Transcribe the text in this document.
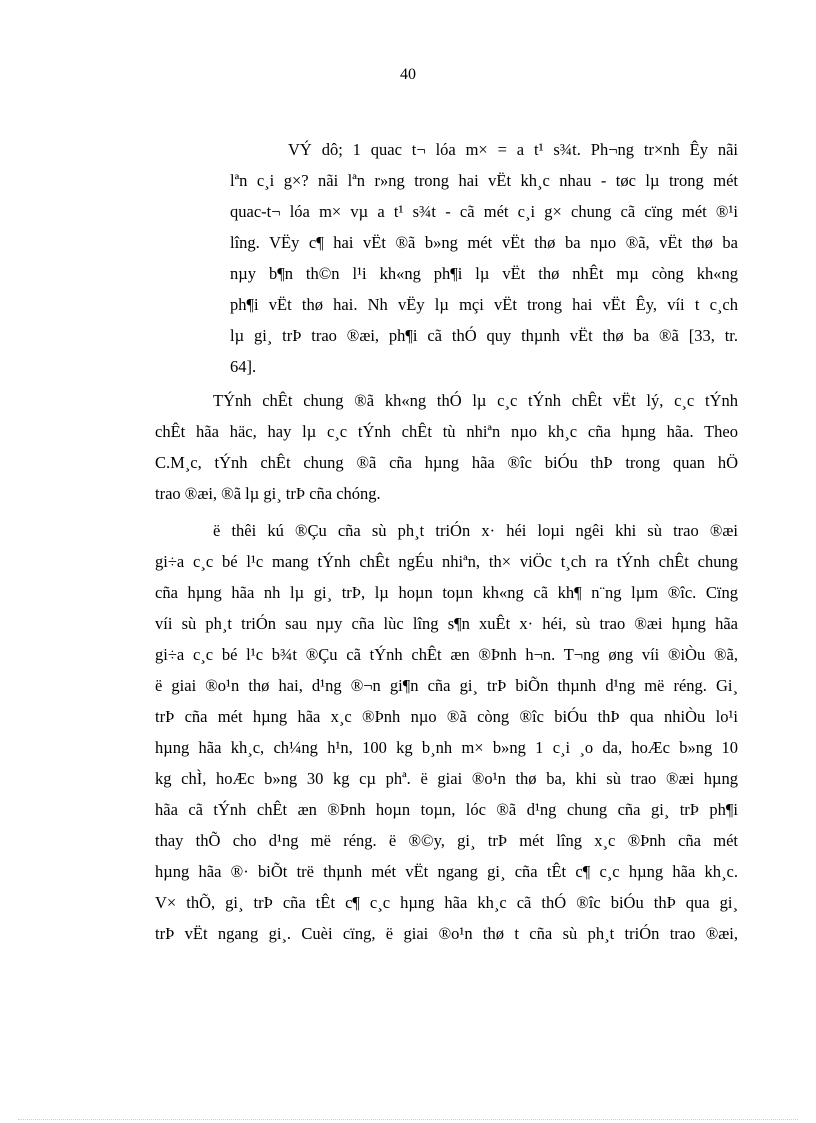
40
VÝ dô; 1 quac t¬ lóa m× = a t¹ s¾t. Ph¬ng tr×nh Êy nãi
lªn c¸i g×? nãi lªn r»ng trong hai vËt kh¸c nhau - tøc lµ trong mét
quac-t¬ lóa m× vµ a t¹ s¾t - cã mét c¸i g× chung cã cïng mét ®¹i
lîng. VËy c¶ hai vËt ®ã b»ng mét vËt thø ba nµo ®ã, vËt thø ba
nµy b¶n th©n l¹i kh«ng ph¶i lµ vËt thø nhÊt mµ còng kh«ng
ph¶i vËt thø hai. Nh vËy lµ mçi vËt trong hai vËt Êy, víi t c¸ch
lµ gi¸ trÞ trao ®æi, ph¶i cã thÓ quy thµnh vËt thø ba ®ã [33, tr.
64].
TÝnh chÊt chung ®ã kh«ng thÓ lµ c¸c tÝnh chÊt vËt lý, c¸c tÝnh
chÊt hãa häc, hay lµ c¸c tÝnh chÊt tù nhiªn nµo kh¸c cña hµng hãa. Theo
C.M¸c, tÝnh chÊt chung ®ã cña hµng hãa ®îc biÓu thÞ trong quan hÖ
trao ®æi, ®ã lµ gi¸ trÞ cña chóng.
ë thêi kú ®Çu cña sù ph¸t triÓn x· héi loµi ngêi khi sù trao ®æi
gi÷a c¸c bé l¹c mang tÝnh chÊt ngÉu nhiªn, th× viÖc t¸ch ra tÝnh chÊt chung
cña hµng hãa nh lµ gi¸ trÞ, lµ hoµn toµn kh«ng cã kh¶ n¨ng lµm ®îc. Cïng
víi sù ph¸t triÓn sau nµy cña lùc lîng s¶n xuÊt x· héi, sù trao ®æi hµng hãa
gi÷a c¸c bé l¹c b¾t ®Çu cã tÝnh chÊt æn ®Þnh h¬n. T¬ng øng víi ®iÒu ®ã,
ë giai ®o¹n thø hai, d¹ng ®¬n gi¶n cña gi¸ trÞ biÕn thµnh d¹ng më réng. Gi¸
trÞ cña mét hµng hãa x¸c ®Þnh nµo ®ã còng ®îc biÓu thÞ qua nhiÒu lo¹i
hµng hãa kh¸c, ch¼ng h¹n, 100 kg b¸nh m× b»ng 1 c¸i ¸o da, hoÆc b»ng 10
kg chÌ, hoÆc b»ng 30 kg cµ phª. ë giai ®o¹n thø ba, khi sù trao ®æi hµng
hãa cã tÝnh chÊt æn ®Þnh hoµn toµn, lóc ®ã d¹ng chung cña gi¸ trÞ ph¶i
thay thÕ cho d¹ng më réng. ë ®©y, gi¸ trÞ mét lîng x¸c ®Þnh cña mét
hµng hãa ®· biÕt trë thµnh mét vËt ngang gi¸ cña tÊt c¶ c¸c hµng hãa kh¸c.
V× thÕ, gi¸ trÞ cña tÊt c¶ c¸c hµng hãa kh¸c cã thÓ ®îc biÓu thÞ qua gi¸
trÞ vËt ngang gi¸. Cuèi cïng, ë giai ®o¹n thø t cña sù ph¸t triÓn trao ®æi,
